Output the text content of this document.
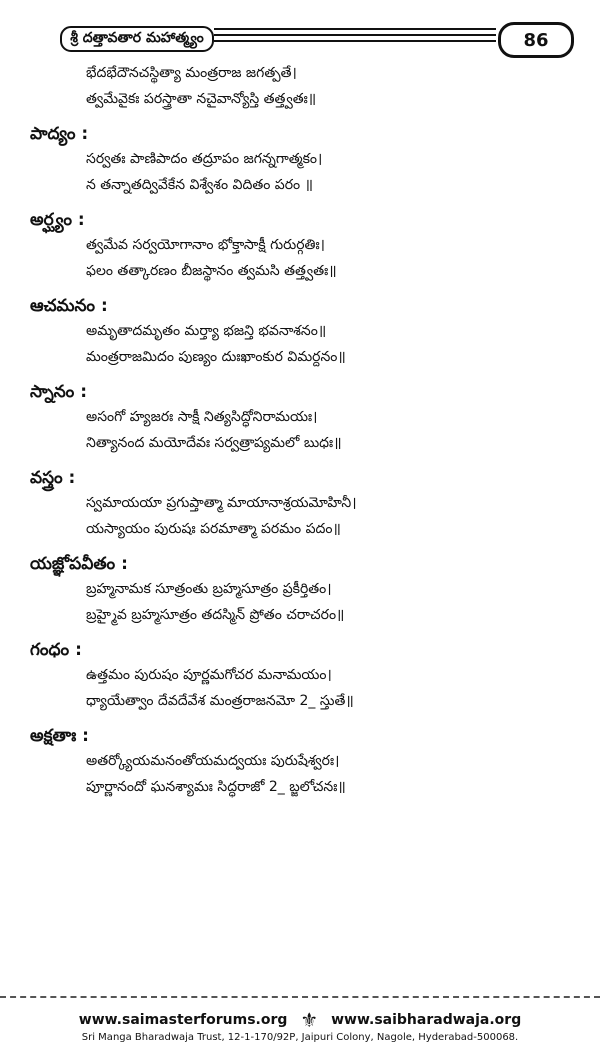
శ్రీ దత్తావతార మహాత్మ్యం	86
భేదభేదౌనచస్థిత్యా మంత్రరాజ జగత్పతే।
త్వమేవైకః పరస్త్రాతా నచైవాన్యోస్తి తత్త్వతః॥
పాద్యం :
సర్వతః పాణిపాదం తద్రూపం జగన్నగాత్మకం।
న తన్నాతద్వివేకేన విశ్వేశం విదితం పరం ॥
అర్ఘ్యం :
త్వమేవ సర్వయోగానాం భోక్తాసాక్షీ గురుర్గతిః।
ఫలం తత్కారణం బీజస్థానం త్వమసి తత్త్వతః॥
ఆచమనం :
అమృతాదమృతం మర్త్యా భజన్తి భవనాశనం॥
మంత్రరాజమిదం పుణ్యం దుఃఖాంకుర విమర్దనం॥
స్నానం :
అసంగో హ్యజరః సాక్షీ నిత్యసిద్ధోనిరామయః।
నిత్యానంద మయోదేవః సర్వత్రాప్యమలో బుధః॥
వస్త్రం :
స్వమాయయా ప్రగుప్తాత్మా మాయానాశ్రయమోహినీ।
యస్యాయం పురుషః పరమాత్మా పరమం పదం॥
యజ్ఞోపవీతం :
బ్రహ్మనామక సూత్రంతు బ్రహ్మసూత్రం ప్రకీర్తితం।
బ్రహ్మైవ బ్రహ్మసూత్రం తదస్మిన్ ప్రోతం చరాచరం॥
గంధం :
ఉత్తమం పురుషం పూర్ణమగోచర మనామయం।
ధ్యాయేత్వాం దేవదేవేశ మంత్రరాజనమో 2_ స్తుతే॥
అక్షతాః :
అతర్క్యోయమనంతోయమద్వయః పురుషేశ్వరః।
పూర్ణానందో ఘనశ్యామః సిద్ధరాజో 2_ బ్జలోచనః॥
www.saimasterforums.org ⚜ www.saibharadwaja.org
Sri Manga Bharadwaja Trust, 12-1-170/92P, Jaipuri Colony, Nagole, Hyderabad-500068.
